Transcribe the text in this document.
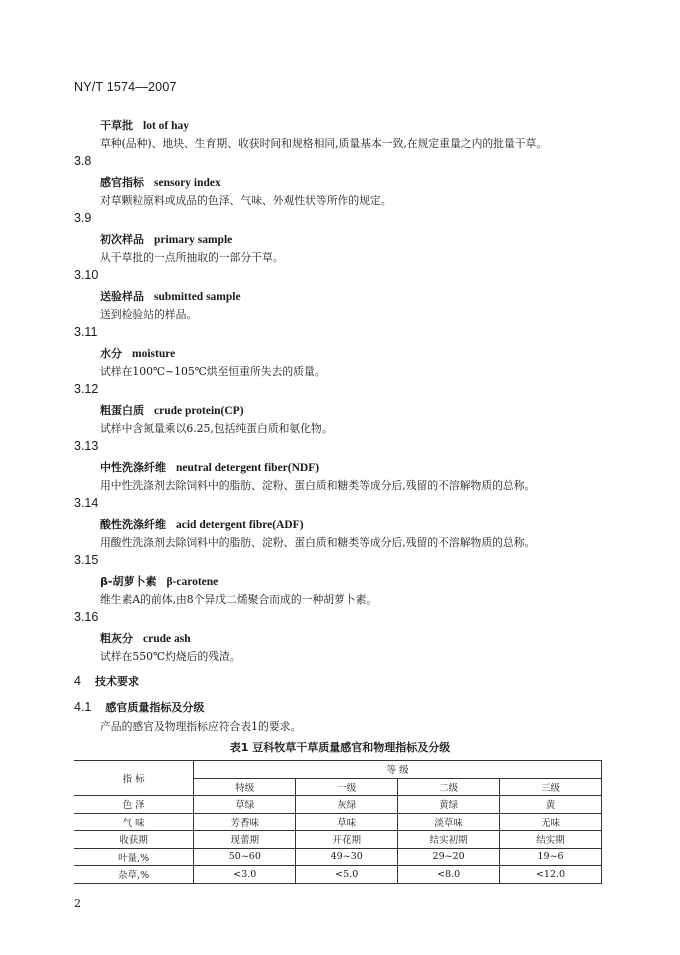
NY/T 1574—2007
干草批 lot of hay
草种(品种)、地块、生育期、收获时间和规格相同,质量基本一致,在规定重量之内的批量干草。
3.8
感官指标 sensory index
对草颗粒原料或成品的色泽、气味、外观性状等所作的规定。
3.9
初次样品 primary sample
从干草批的一点所抽取的一部分干草。
3.10
送验样品 submitted sample
送到检验站的样品。
3.11
水分 moisture
试样在100℃~105℃烘至恒重所失去的质量。
3.12
粗蛋白质 crude protein(CP)
试样中含氮量乘以6.25,包括纯蛋白质和氨化物。
3.13
中性洗涤纤维 neutral detergent fiber(NDF)
用中性洗涤剂去除饲料中的脂肪、淀粉、蛋白质和糖类等成分后,残留的不溶解物质的总称。
3.14
酸性洗涤纤维 acid detergent fibre(ADF)
用酸性洗涤剂去除饲料中的脂肪、淀粉、蛋白质和糖类等成分后,残留的不溶解物质的总称。
3.15
β-胡萝卜素 β-carotene
维生素A的前体,由8个异戊二烯聚合而成的一种胡萝卜素。
3.16
粗灰分 crude ash
试样在550℃灼烧后的残渣。
4 技术要求
4.1 感官质量指标及分级
产品的感官及物理指标应符合表1的要求。
表1 豆科牧草干草质量感官和物理指标及分级
指 标	等 级			
	特级	一级	二级	三级
色 泽	草绿	灰绿	黄绿	黄
气 味	芳香味	草味	淡草味	无味
收获期	现蕾期	开花期	结实初期	结实期
叶量,%	50~60	49~30	29~20	19~6
杂草,%	<3.0	<5.0	<8.0	<12.0
2
